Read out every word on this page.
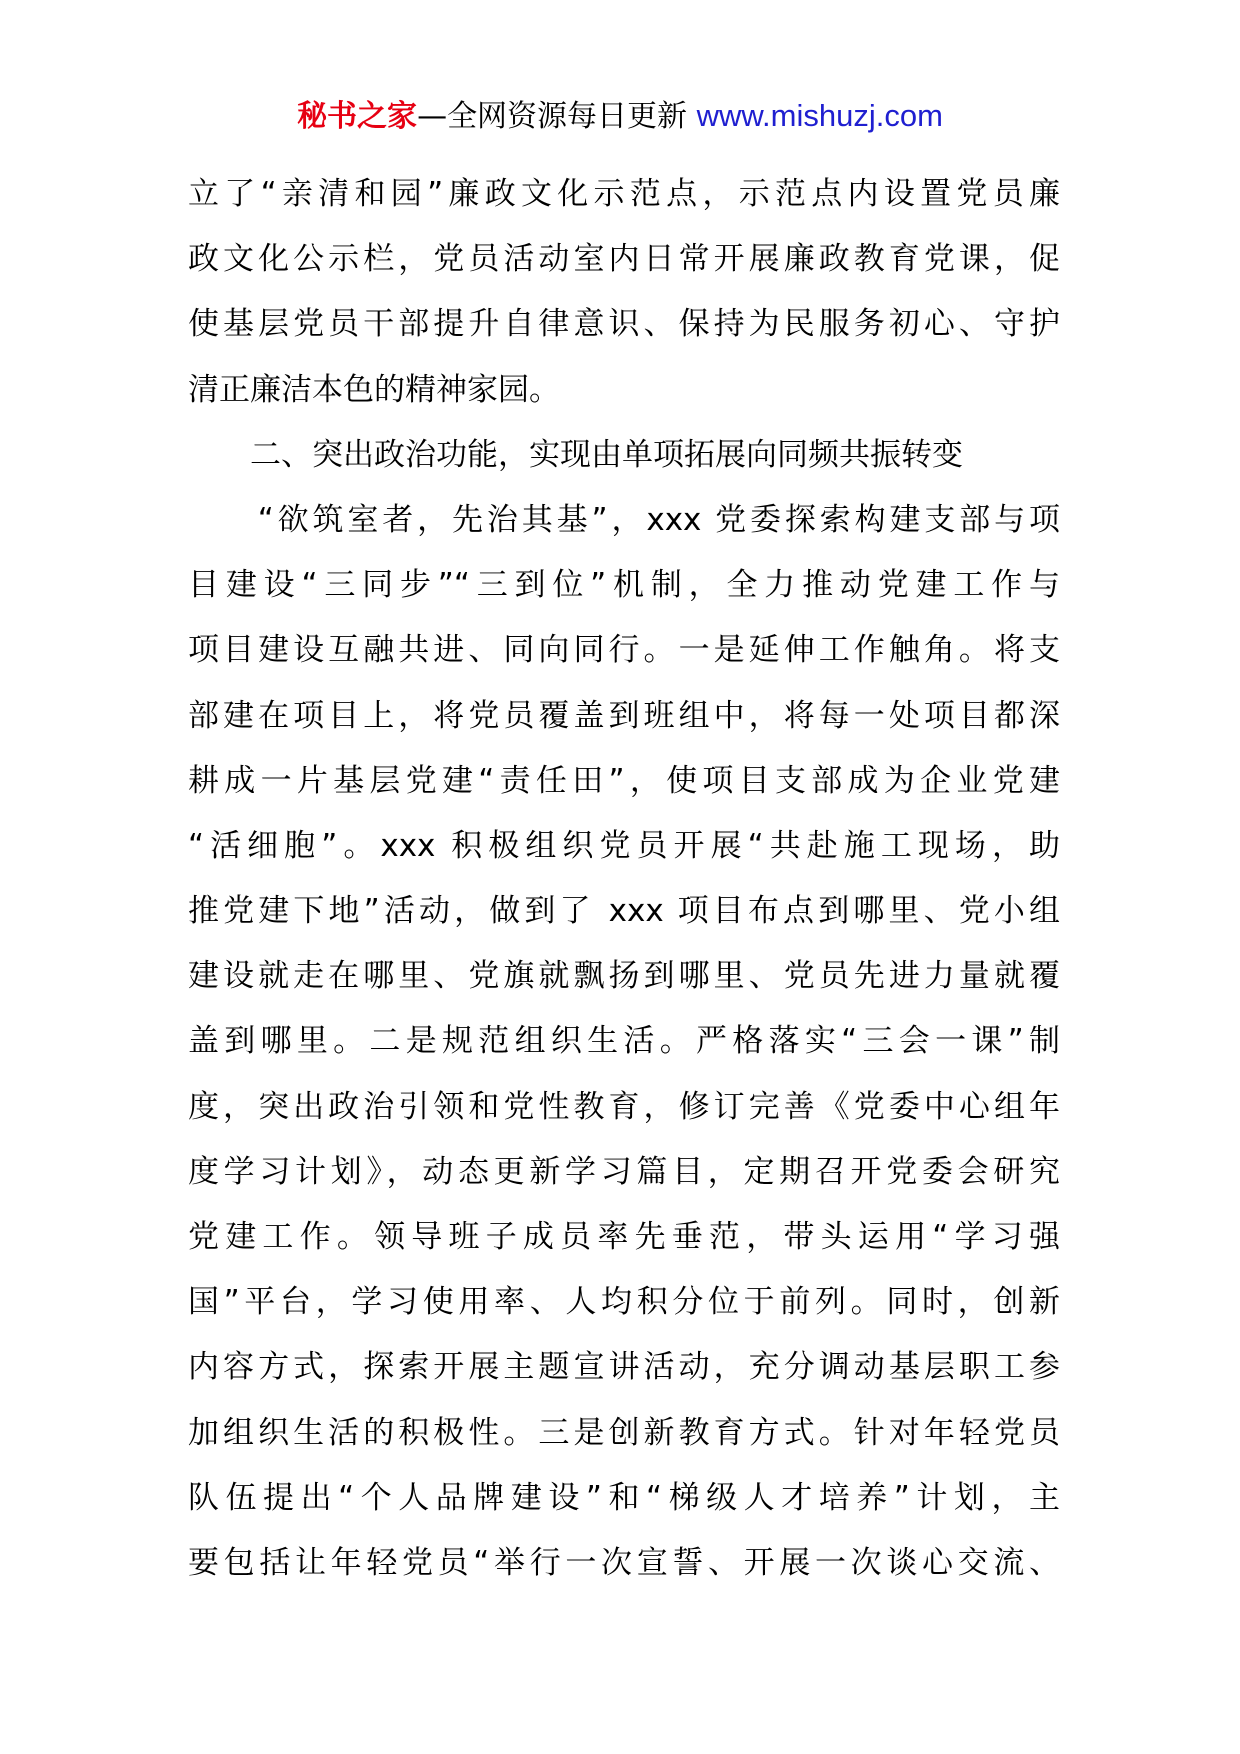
秘书之家—全网资源每日更新 www.mishuzj.com
立了“亲清和园”廉政文化示范点，示范点内设置党员廉
政文化公示栏，党员活动室内日常开展廉政教育党课，促
使基层党员干部提升自律意识、保持为民服务初心、守护
清正廉洁本色的精神家园。
　　二、突出政治功能，实现由单项拓展向同频共振转变
　　“欲筑室者，先治其基”，xxx 党委探索构建支部与项
目建设“三同步”“三到位”机制，全力推动党建工作与
项目建设互融共进、同向同行。一是延伸工作触角。将支
部建在项目上，将党员覆盖到班组中，将每一处项目都深
耕成一片基层党建“责任田”，使项目支部成为企业党建
“活细胞”。xxx 积极组织党员开展“共赴施工现场，助
推党建下地”活动，做到了 xxx 项目布点到哪里、党小组
建设就走在哪里、党旗就飘扬到哪里、党员先进力量就覆
盖到哪里。二是规范组织生活。严格落实“三会一课”制
度，突出政治引领和党性教育，修订完善《党委中心组年
度学习计划》，动态更新学习篇目，定期召开党委会研究
党建工作。领导班子成员率先垂范，带头运用“学习强
国”平台，学习使用率、人均积分位于前列。同时，创新
内容方式，探索开展主题宣讲活动，充分调动基层职工参
加组织生活的积极性。三是创新教育方式。针对年轻党员
队伍提出“个人品牌建设”和“梯级人才培养”计划，主
要包括让年轻党员“举行一次宣誓、开展一次谈心交流、
